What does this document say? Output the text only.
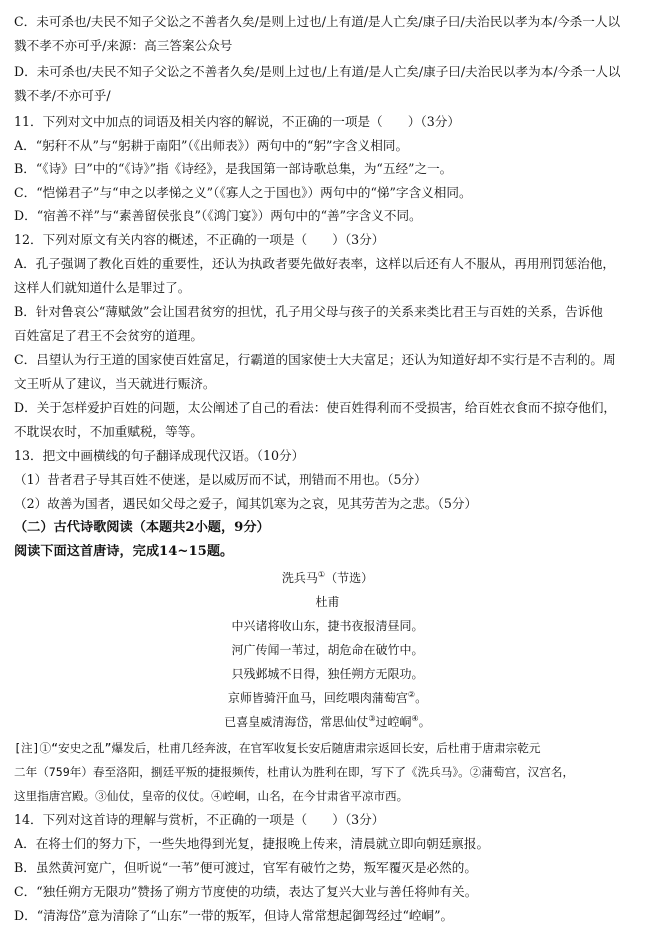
C．未可杀也/夫民不知子父讼之不善者久矣/是则上过也/上有道/是人亡矣/康子曰/夫治民以孝为本/今杀一人以
戮不孝不亦可乎/来源：高三答案公众号
D．未可杀也/夫民不知子父讼之不善者久矣/是则上过也/上有道/是人亡矣/康子曰/夫治民以孝为本/今杀一人以
戮不孝/不亦可乎/
11．下列对文中加点的词语及相关内容的解说，不正确的一项是（　　）（3分）
A．“躬秆不从”与“躬耕于南阳”（《出师表》）两句中的“躬”字含义相同。
B．“《诗》曰”中的“《诗》”指《诗经》，是我国第一部诗歌总集，为“五经”之一。
C．“恺悌君子”与“申之以孝悌之义”（《寡人之于国也》）两句中的“悌”字含义相同。
D．“宿善不祥”与“素善留侯张良”（《鸿门宴》）两句中的“善”字含义不同。
12．下列对原文有关内容的概述，不正确的一项是（　　）（3分）
A．孔子强调了教化百姓的重要性，还认为执政者要先做好表率，这样以后还有人不服从，再用刑罚惩治他，
这样人们就知道什么是罪过了。
B．针对鲁哀公“薄赋敛”会让国君贫穷的担忧，孔子用父母与孩子的关系来类比君王与百姓的关系，告诉他
百姓富足了君王不会贫穷的道理。
C．吕望认为行王道的国家使百姓富足，行霸道的国家使士大夫富足；还认为知道好却不实行是不吉利的。周
文王听从了建议，当天就进行赈济。
D．关于怎样爱护百姓的问题，太公阐述了自己的看法：使百姓得利而不受损害，给百姓衣食而不掠夺他们，
不耽误农时，不加重赋税，等等。
13．把文中画横线的句子翻译成现代汉语。（10分）
（1）昔者君子导其百姓不使迷，是以威厉而不试，刑错而不用也。（5分）
（2）故善为国者，遇民如父母之爱子，闻其饥寒为之哀，见其劳苦为之悲。（5分）
（二）古代诗歌阅读（本题共2小题，9分）
阅读下面这首唐诗，完成14~15题。
洗兵马①（节选）
杜甫
中兴诸将收山东，捷书夜报清昼同。
河广传闻一苇过，胡危命在破竹中。
只残邺城不日得，独任朔方无限功。
京师皆骑汗血马，回纥喂肉蒲萄宫②。
已喜皇威清海岱，常思仙仗③过崆峒④。
[注]①“安史之乱”爆发后，杜甫几经奔波，在官军收复长安后随唐肃宗返回长安，后杜甫于唐肃宗乾元
二年（759年）春至洛阳，捌廷平叛的捷报频传，杜甫认为胜利在即，写下了《洗兵马》。②蒲萄宫，汉宫名，
这里指唐宫殿。③仙仗，皇帝的仪仗。④崆峒，山名，在今甘肃省平凉市西。
14．下列对这首诗的理解与赏析，不正确的一项是（　　）（3分）
A．在将士们的努力下，一些失地得到光复，捷报晚上传来，清晨就立即向朝廷禀报。
B．虽然黄河宽广，但听说“一苇”便可渡过，官军有破竹之势，叛军覆灭是必然的。
C．“独任朔方无限功”赞扬了朔方节度使的功绩，表达了复兴大业与善任将帅有关。
D．“清海岱”意为清除了“山东”一带的叛军，但诗人常常想起御驾经过“崆峒”。
